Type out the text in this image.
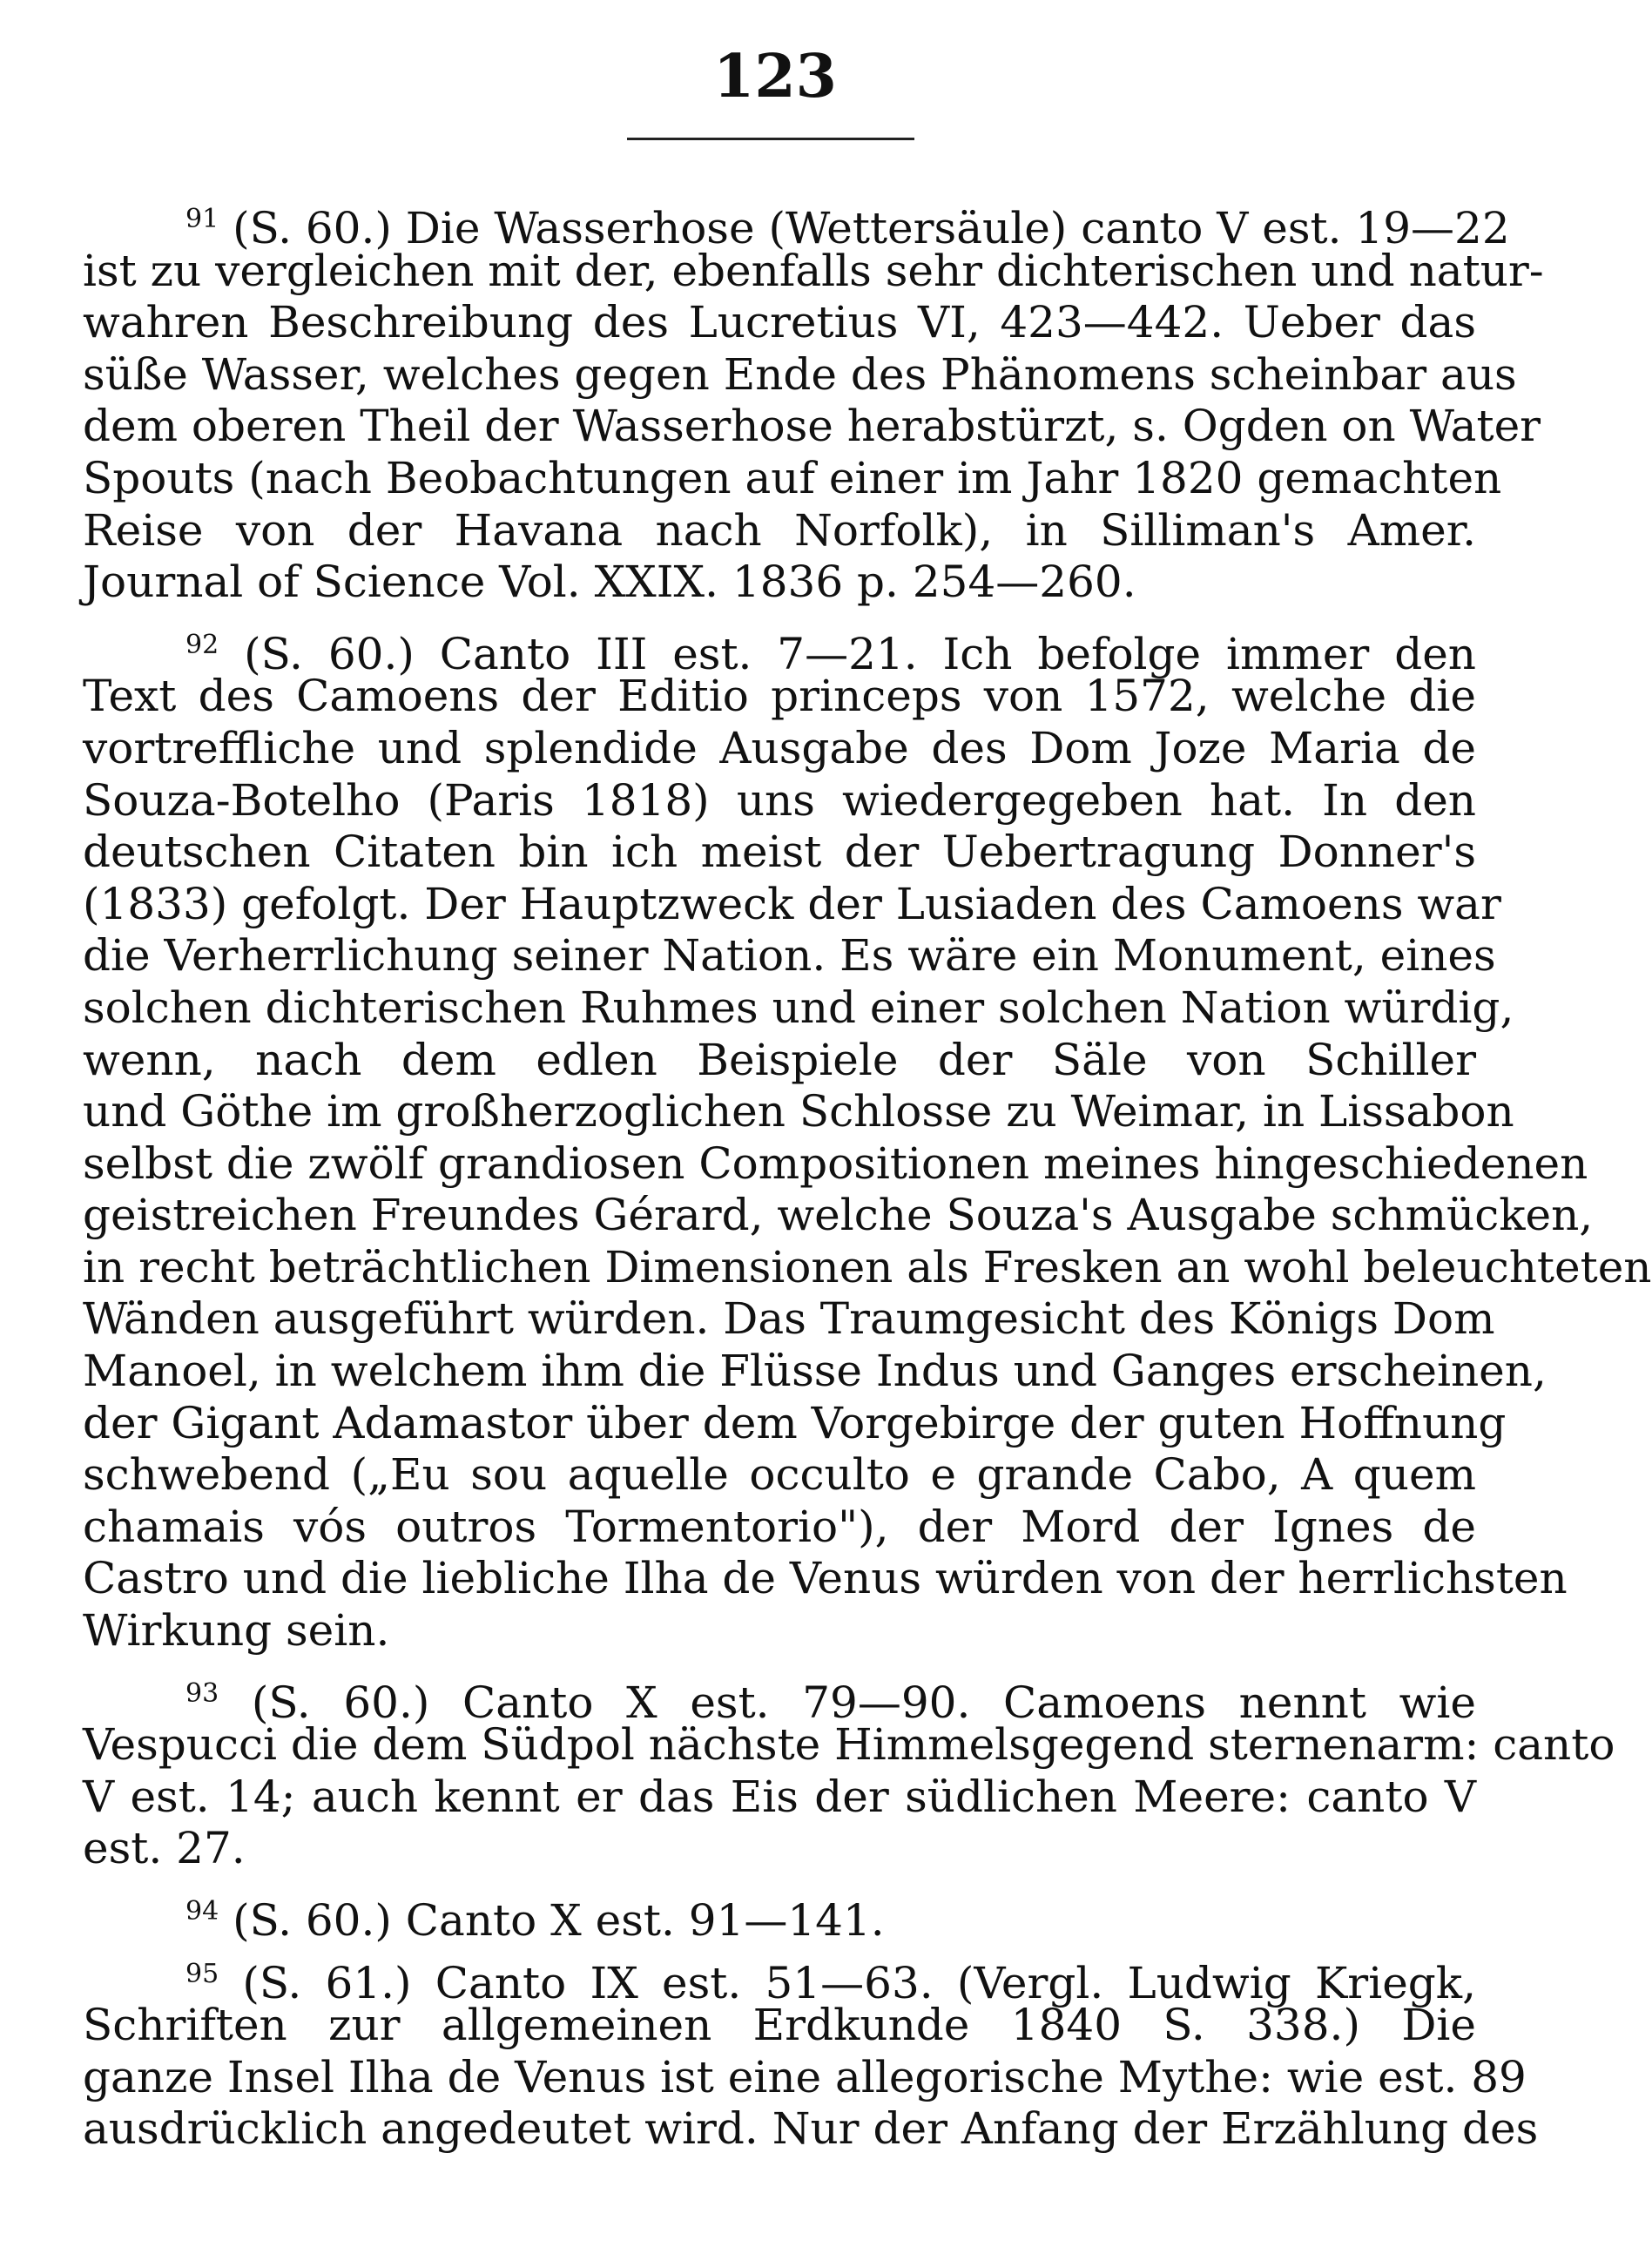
123
$^{91}$ (S. 60.) Die Wasserhose (Wettersäule) canto V est. 19—22
ist zu vergleichen mit der, ebenfalls sehr dichterischen und natur-
wahren Beschreibung des Lucretius VI, 423—442. Ueber das
süße Wasser, welches gegen Ende des Phänomens scheinbar aus
dem oberen Theil der Wasserhose herabstürzt, s. Ogden on Water
Spouts (nach Beobachtungen auf einer im Jahr 1820 gemachten
Reise von der Havana nach Norfolk), in Silliman's Amer.
Journal of Science Vol. XXIX. 1836 p. 254—260.
$^{92}$ (S. 60.) Canto III est. 7—21. Ich befolge immer den
Text des Camoens der Editio princeps von 1572, welche die
vortreffliche und splendide Ausgabe des Dom Joze Maria de
Souza-Botelho (Paris 1818) uns wiedergegeben hat. In den
deutschen Citaten bin ich meist der Uebertragung Donner's
(1833) gefolgt. Der Hauptzweck der Lusiaden des Camoens war
die Verherrlichung seiner Nation. Es wäre ein Monument, eines
solchen dichterischen Ruhmes und einer solchen Nation würdig,
wenn, nach dem edlen Beispiele der Säle von Schiller
und Göthe im großherzoglichen Schlosse zu Weimar, in Lissabon
selbst die zwölf grandiosen Compositionen meines hingeschiedenen
geistreichen Freundes Gérard, welche Souza's Ausgabe schmücken,
in recht beträchtlichen Dimensionen als Fresken an wohl beleuchteten
Wänden ausgeführt würden. Das Traumgesicht des Königs Dom
Manoel, in welchem ihm die Flüsse Indus und Ganges erscheinen,
der Gigant Adamastor über dem Vorgebirge der guten Hoffnung
schwebend („Eu sou aquelle occulto e grande Cabo, A quem
chamais vós outros Tormentorio"), der Mord der Ignes de
Castro und die liebliche Ilha de Venus würden von der herrlichsten
Wirkung sein.
$^{93}$ (S. 60.) Canto X est. 79—90. Camoens nennt wie
Vespucci die dem Südpol nächste Himmelsgegend sternenarm: canto
V est. 14; auch kennt er das Eis der südlichen Meere: canto V
est. 27.
$^{94}$ (S. 60.) Canto X est. 91—141.
$^{95}$ (S. 61.) Canto IX est. 51—63. (Vergl. Ludwig Kriegk,
Schriften zur allgemeinen Erdkunde 1840 S. 338.) Die
ganze Insel Ilha de Venus ist eine allegorische Mythe: wie est. 89
ausdrücklich angedeutet wird. Nur der Anfang der Erzählung des
